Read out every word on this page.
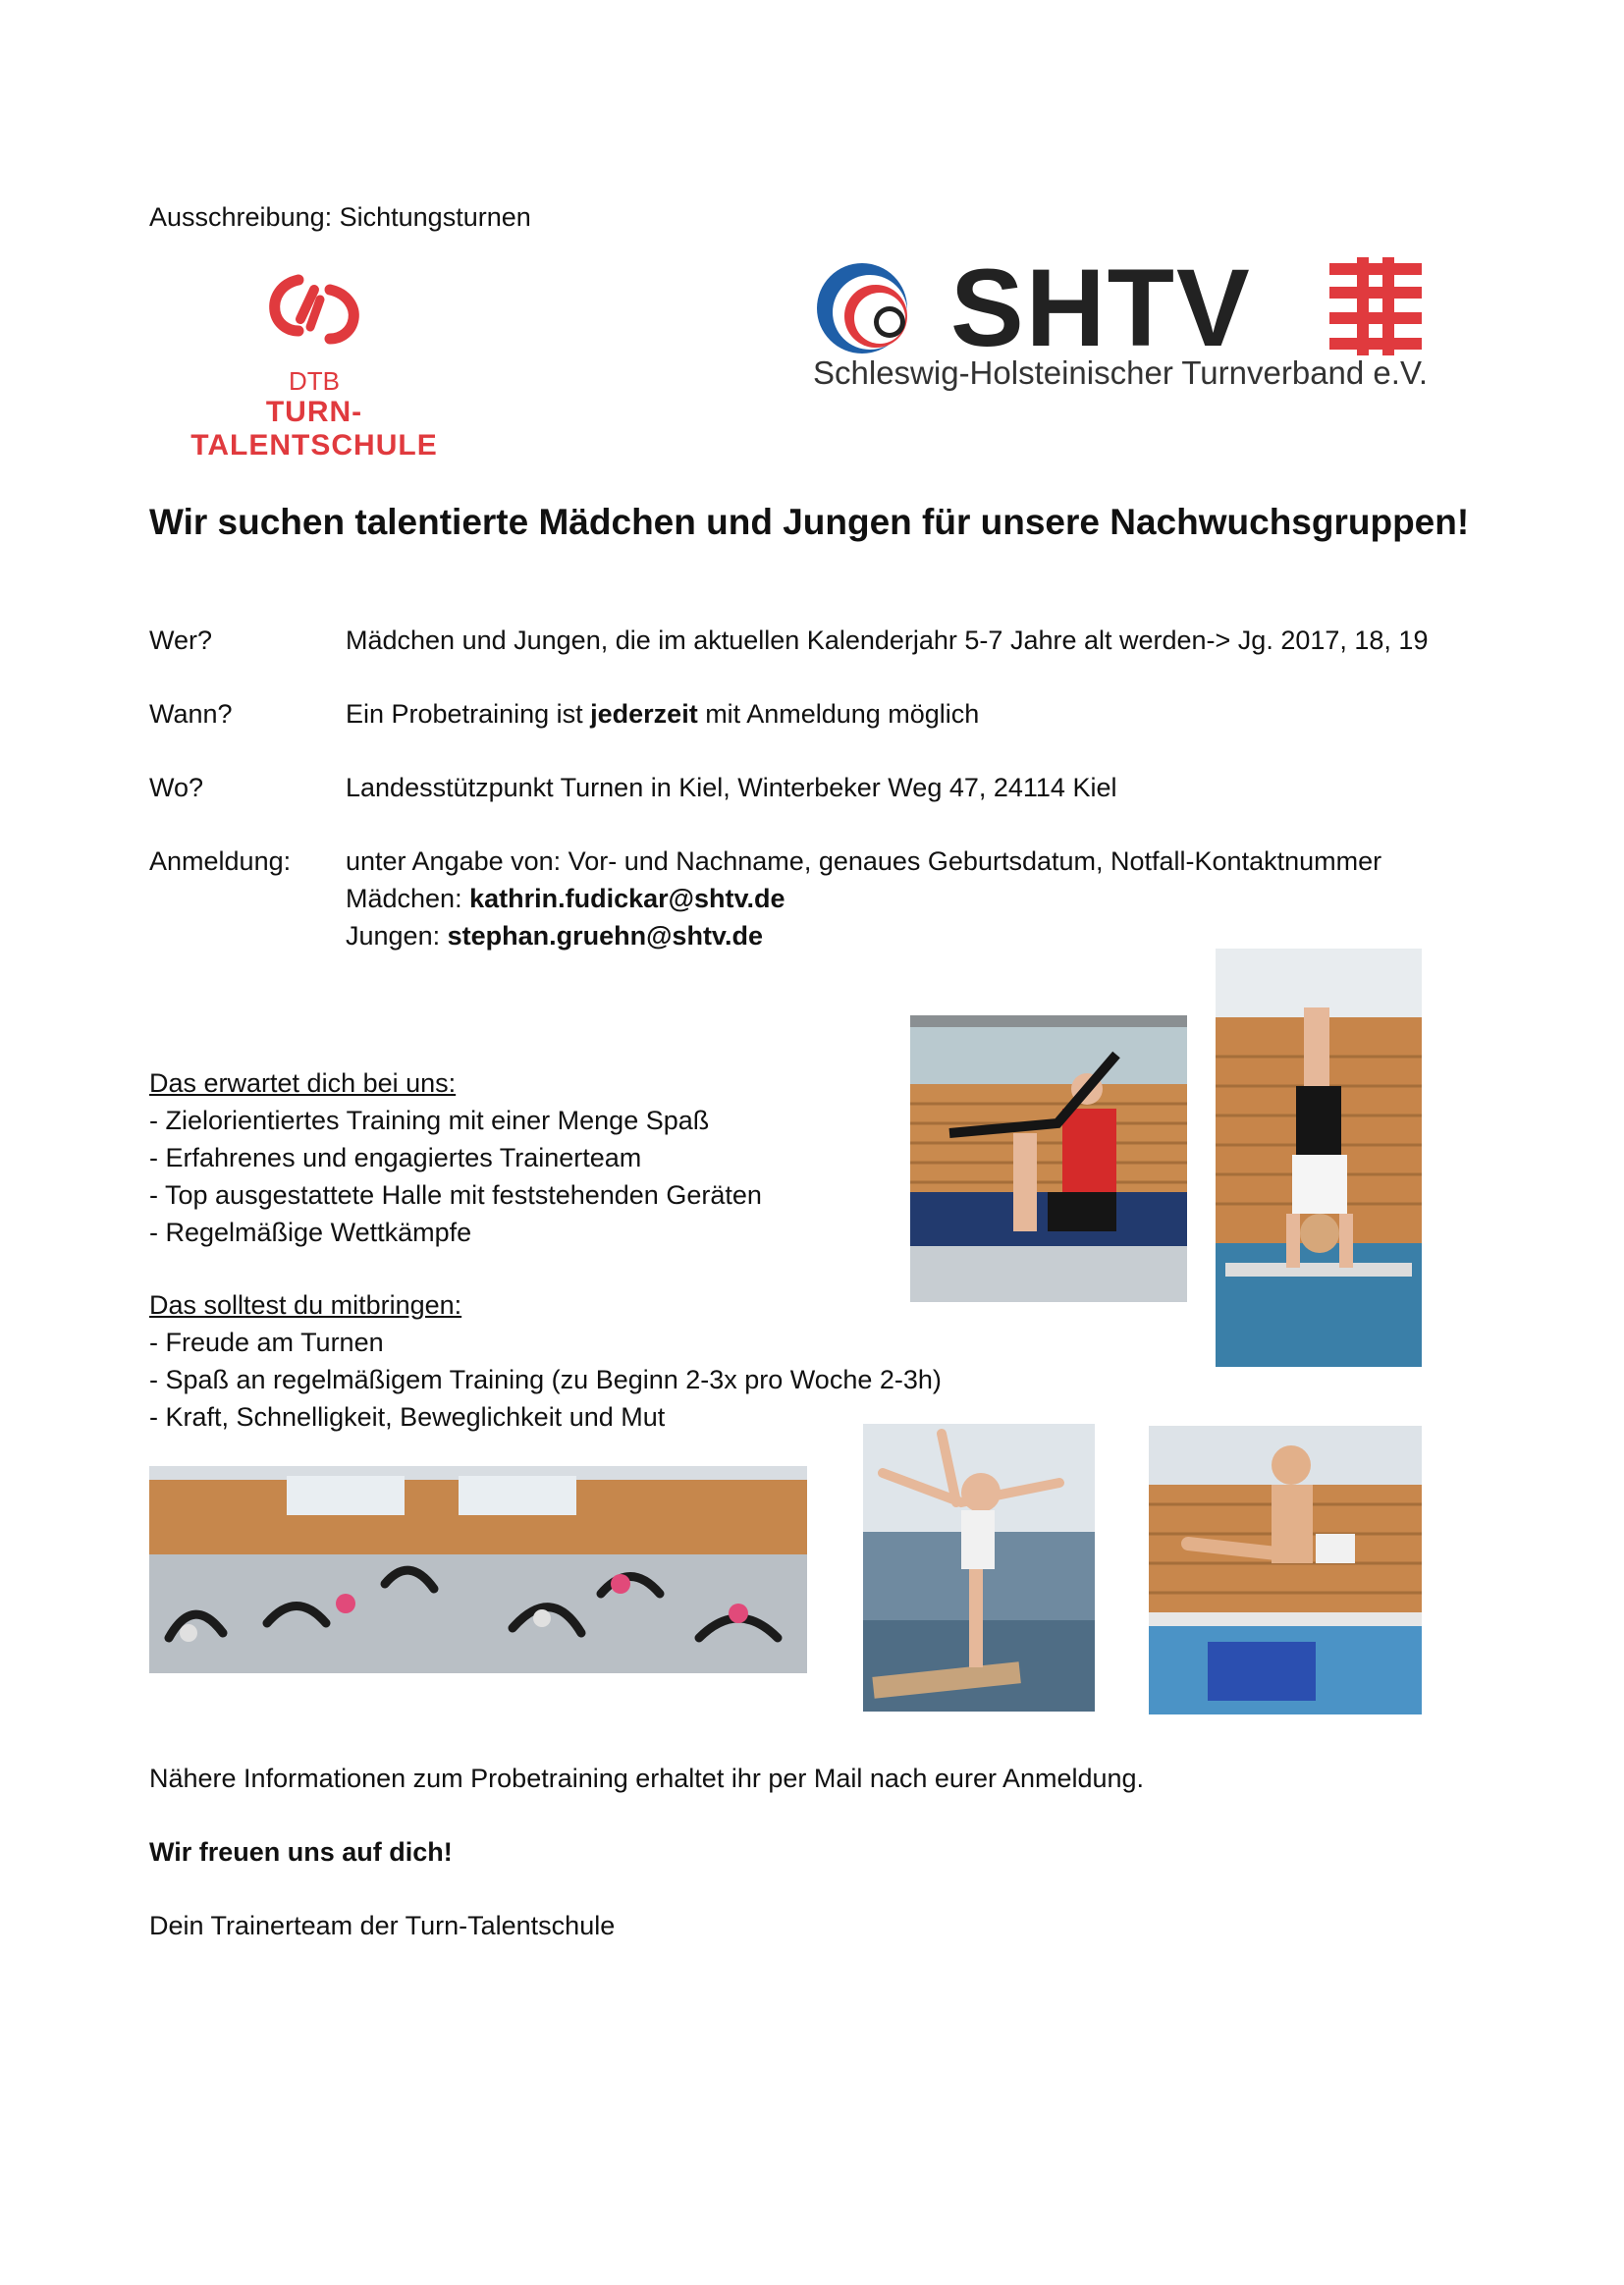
Ausschreibung: Sichtungsturnen
DTB
TURN-TALENTSCHULE
SHTV
Schleswig-Holsteinischer Turnverband e.V.
Wir suchen talentierte Mädchen und Jungen für unsere Nachwuchsgruppen!
Wer?	Mädchen und Jungen, die im aktuellen Kalenderjahr 5-7 Jahre alt werden-> Jg. 2017, 18, 19
Wann?	Ein Probetraining ist jederzeit mit Anmeldung möglich
Wo?	Landesstützpunkt Turnen in Kiel, Winterbeker Weg 47, 24114 Kiel
Anmeldung: unter Angabe von: Vor- und Nachname, genaues Geburtsdatum, Notfall-Kontaktnummer
Mädchen: kathrin.fudickar@shtv.de
Jungen: stephan.gruehn@shtv.de
Das erwartet dich bei uns:
- Zielorientiertes Training mit einer Menge Spaß
- Erfahrenes und engagiertes Trainerteam
- Top ausgestattete Halle mit feststehenden Geräten
- Regelmäßige Wettkämpfe
Das solltest du mitbringen:
- Freude am Turnen
- Spaß an regelmäßigem Training (zu Beginn 2-3x pro Woche 2-3h)
- Kraft, Schnelligkeit, Beweglichkeit und Mut
Nähere Informationen zum Probetraining erhaltet ihr per Mail nach eurer Anmeldung.
Wir freuen uns auf dich!
Dein Trainerteam der Turn-Talentschule
